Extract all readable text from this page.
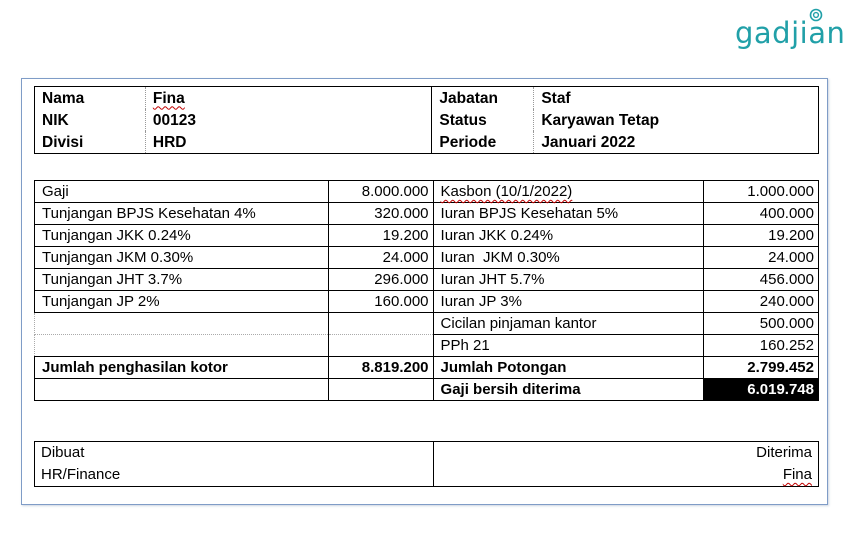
gadjian
Nama	Fina	Jabatan	Staf
NIK	00123	Status	Karyawan Tetap
Divisi	HRD	Periode	Januari 2022
Gaji	8.000.000	Kasbon (10/1/2022)	1.000.000
Tunjangan BPJS Kesehatan 4%	320.000	Iuran BPJS Kesehatan 5%	400.000
Tunjangan JKK 0.24%	19.200	Iuran JKK 0.24%	19.200
Tunjangan JKM 0.30%	24.000	Iuran  JKM 0.30%	24.000
Tunjangan JHT 3.7%	296.000	Iuran JHT 5.7%	456.000
Tunjangan JP 2%	160.000	Iuran JP 3%	240.000
		Cicilan pinjaman kantor	500.000
		PPh 21	160.252
Jumlah penghasilan kotor	8.819.200	Jumlah Potongan	2.799.452
		Gaji bersih diterima	6.019.748
Dibuat	Diterima
HR/Finance	Fina
